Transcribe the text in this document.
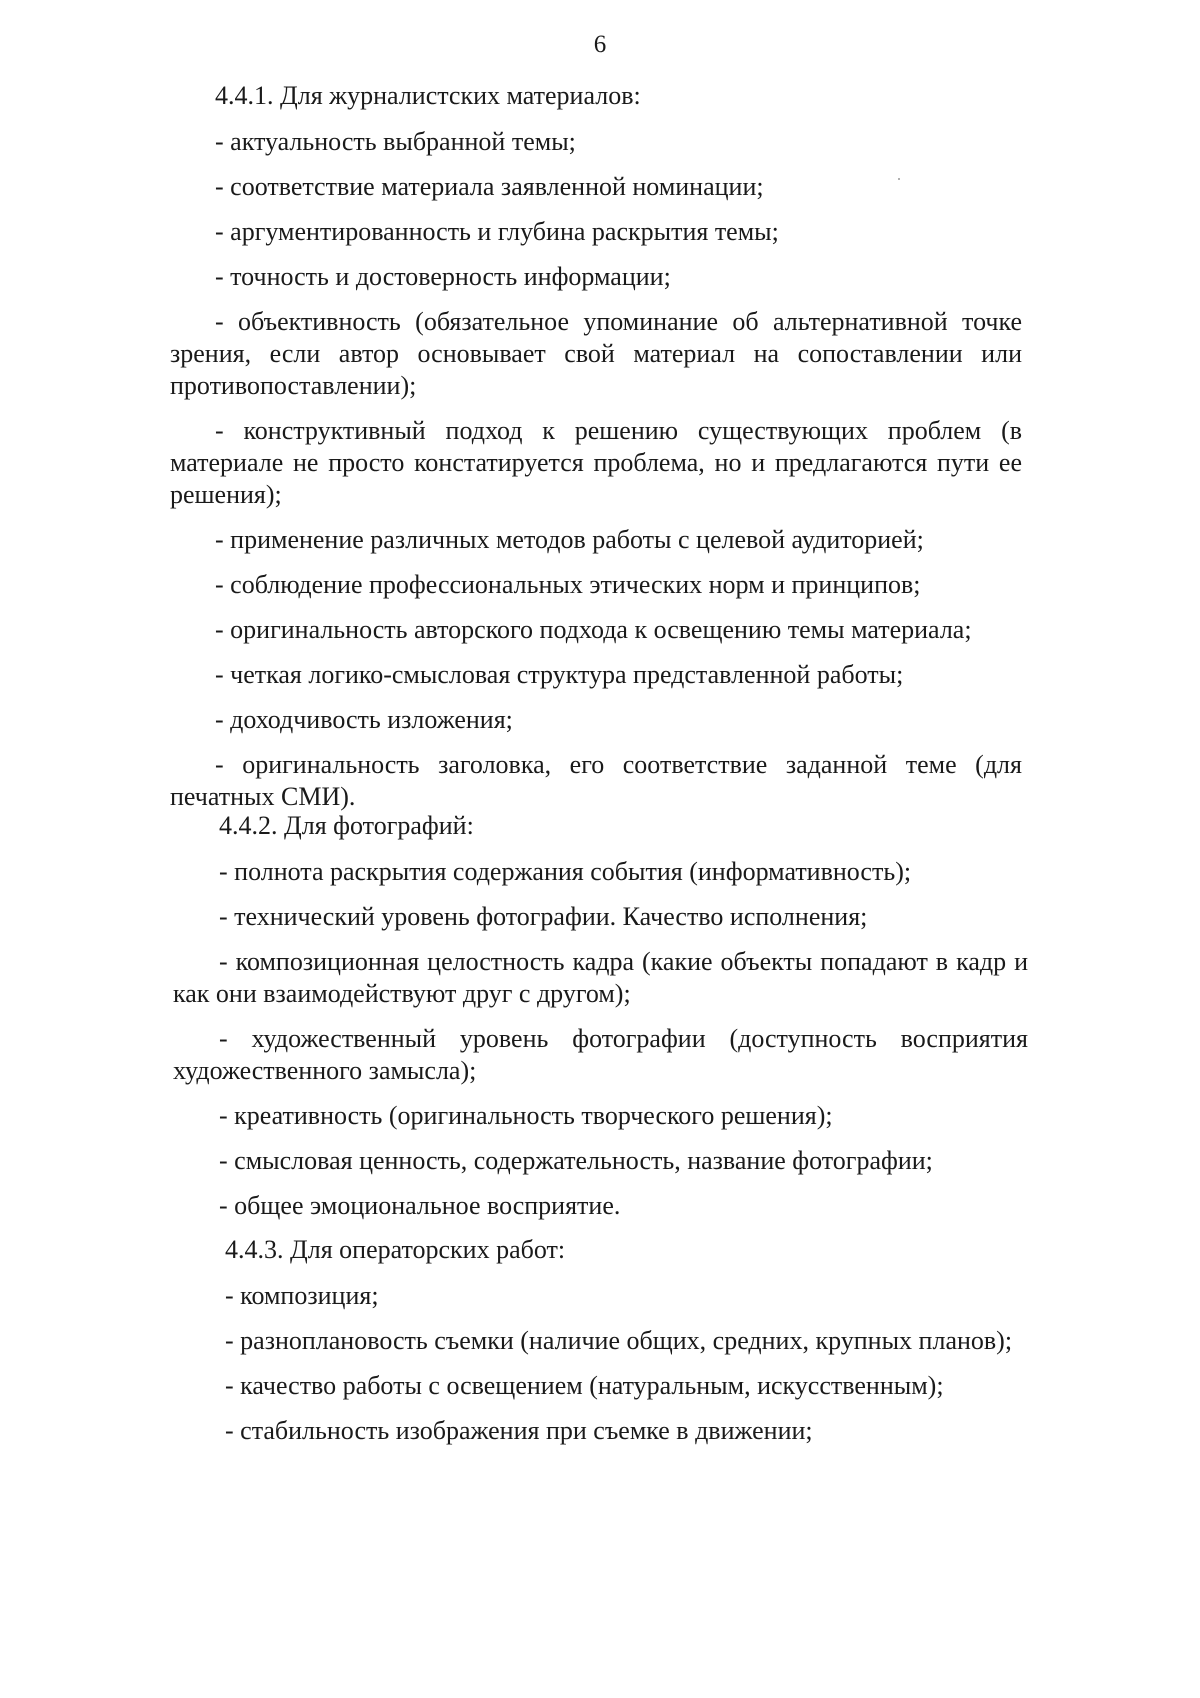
6

4.4.1. Для журналистских материалов:

- актуальность выбранной темы;

- соответствие материала заявленной номинации;

- аргументированность и глубина раскрытия темы;

- точность и достоверность информации;

- объективность (обязательное упоминание об альтернативной точке зрения, если автор основывает свой материал на сопоставлении или противопоставлении);

- конструктивный подход к решению существующих проблем (в материале не просто констатируется проблема, но и предлагаются пути ее решения);

- применение различных методов работы с целевой аудиторией;

- соблюдение профессиональных этических норм и принципов;

- оригинальность авторского подхода к освещению темы материала;

- четкая логико-смысловая структура представленной работы;

- доходчивость изложения;

- оригинальность заголовка, его соответствие заданной теме (для печатных СМИ).

4.4.2. Для фотографий:

- полнота раскрытия содержания события (информативность);

- технический уровень фотографии. Качество исполнения;

- композиционная целостность кадра (какие объекты попадают в кадр и как они взаимодействуют друг с другом);

- художественный уровень фотографии (доступность восприятия художественного замысла);

- креативность (оригинальность творческого решения);

- смысловая ценность, содержательность, название фотографии;

- общее эмоциональное восприятие.

4.4.3. Для операторских работ:

- композиция;

- разноплановость съемки (наличие общих, средних, крупных планов);

- качество работы с освещением (натуральным, искусственным);

- стабильность изображения при съемке в движении;
